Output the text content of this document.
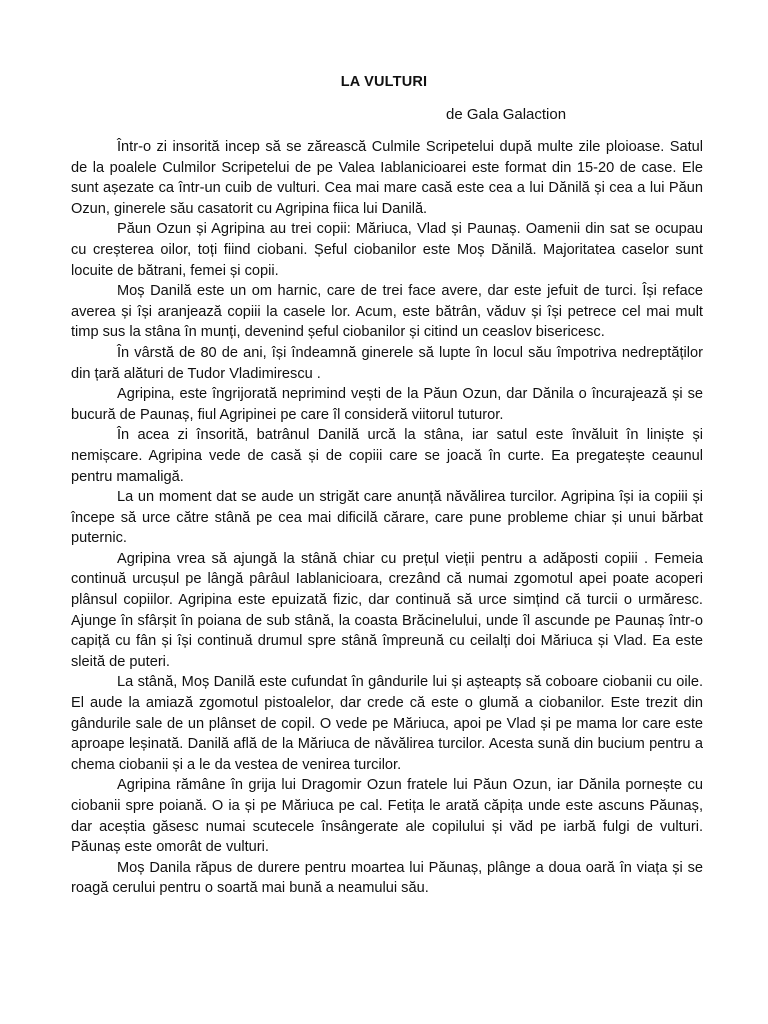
LA VULTURI
de Gala Galaction

Într-o zi insorită incep să se zărească Culmile Scripetelui după multe zile ploioase. Satul de la poalele Culmilor Scripetelui de pe Valea Iablanicioarei este format din 15-20 de case. Ele sunt așezate ca într-un cuib de vulturi. Cea mai mare casă este cea a lui Dănilă și cea a lui Păun Ozun, ginerele său casatorit cu Agripina fiica lui Danilă.

Păun Ozun și Agripina au trei copii: Măriuca, Vlad și Paunaș. Oamenii din sat se ocupau cu creșterea oilor, toți fiind ciobani. Șeful ciobanilor este Moș Dănilă. Majoritatea caselor sunt locuite de bătrani, femei și copii.

Moș Danilă este un om harnic, care de trei face avere, dar este jefuit de turci. Își reface averea și își aranjează copiii la casele lor. Acum, este bătrân, văduv și își petrece cel mai mult timp sus la stâna în munți, devenind șeful ciobanilor și citind un ceaslov bisericesc.

În vârstă de 80 de ani, își îndeamnă ginerele să lupte în locul său împotriva nedreptăților din țară alături de Tudor Vladimirescu .

Agripina, este îngrijorată neprimind vești de la Păun Ozun, dar Dănila o încurajează și se bucură de Paunaș, fiul Agripinei pe care îl consideră viitorul tuturor.

În acea zi însorită, batrânul Danilă urcă la stâna, iar satul este învăluit în liniște și nemișcare. Agripina vede de casă și de copiii care se joacă în curte. Ea pregatește ceaunul pentru mamaligă.

La un moment dat se aude un strigăt care anunță năvălirea turcilor. Agripina își ia copiii și începe să urce către stână pe cea mai dificilă cărare, care pune probleme chiar și unui bărbat puternic.

Agripina vrea să ajungă la stână chiar cu prețul vieții pentru a adăposti copiii . Femeia continuă urcușul pe lângă pârâul Iablanicioara, crezând că numai zgomotul apei poate acoperi plânsul copiilor. Agripina este epuizată fizic, dar continuă să urce simțind că turcii o urmăresc. Ajunge în sfârșit în poiana de sub stână, la coasta Brăcinelului, unde îl ascunde pe Paunaș într-o capiță cu fân și își continuă drumul spre stână împreună cu ceilalți doi Măriuca și Vlad. Ea este sleită de puteri.

La stână, Moș Danilă este cufundat în gândurile lui și așteaptș să coboare ciobanii cu oile. El aude la amiază zgomotul pistoalelor, dar crede că este o glumă a ciobanilor. Este trezit din gândurile sale de un plânset de copil. O vede pe Măriuca, apoi pe Vlad și pe mama lor care este aproape leșinată. Danilă află de la Măriuca de năvălirea turcilor. Acesta sună din bucium pentru a chema ciobanii și a le da vestea de venirea turcilor.

Agripina rămâne în grija lui Dragomir Ozun fratele lui Păun Ozun, iar Dănila pornește cu ciobanii spre poiană. O ia și pe Măriuca pe cal. Fetița le arată căpița unde este ascuns Păunaș, dar aceștia găsesc numai scutecele însângerate ale copilului și văd pe iarbă fulgi de vulturi. Păunaș este omorât de vulturi.

Moș Danila răpus de durere pentru moartea lui Păunaș, plânge a doua oară în viața și se roagă cerului pentru o soartă mai bună a neamului său.
